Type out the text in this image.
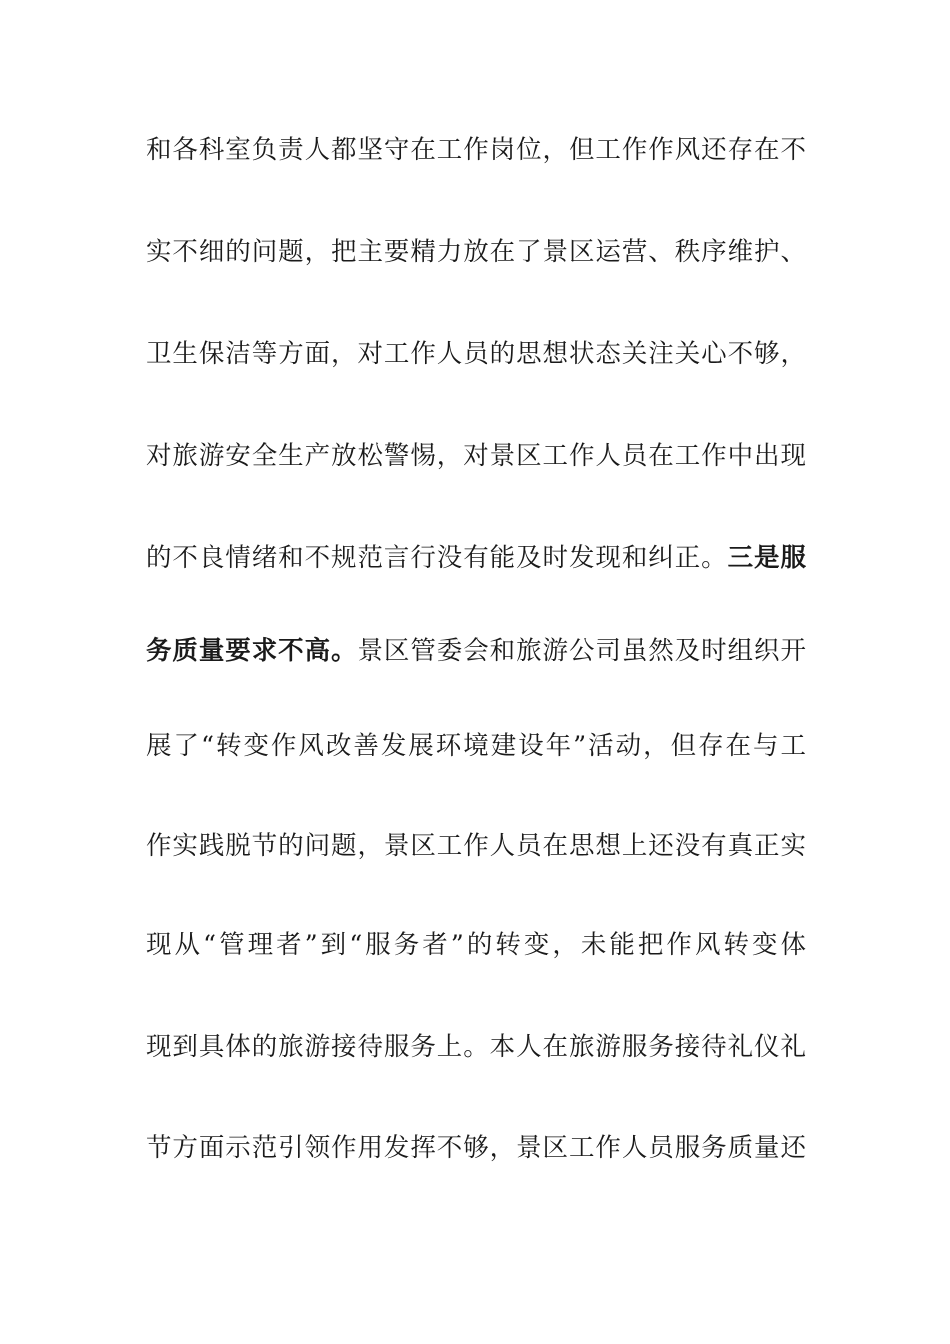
和各科室负责人都坚守在工作岗位，但工作作风还存在不
实不细的问题，把主要精力放在了景区运营、秩序维护、
卫生保洁等方面，对工作人员的思想状态关注关心不够，
对旅游安全生产放松警惕，对景区工作人员在工作中出现
的不良情绪和不规范言行没有能及时发现和纠正。三是服
务质量要求不高。景区管委会和旅游公司虽然及时组织开
展了“转变作风改善发展环境建设年”活动，但存在与工
作实践脱节的问题，景区工作人员在思想上还没有真正实
现从“管理者”到“服务者”的转变，未能把作风转变体
现到具体的旅游接待服务上。本人在旅游服务接待礼仪礼
节方面示范引领作用发挥不够，景区工作人员服务质量还
